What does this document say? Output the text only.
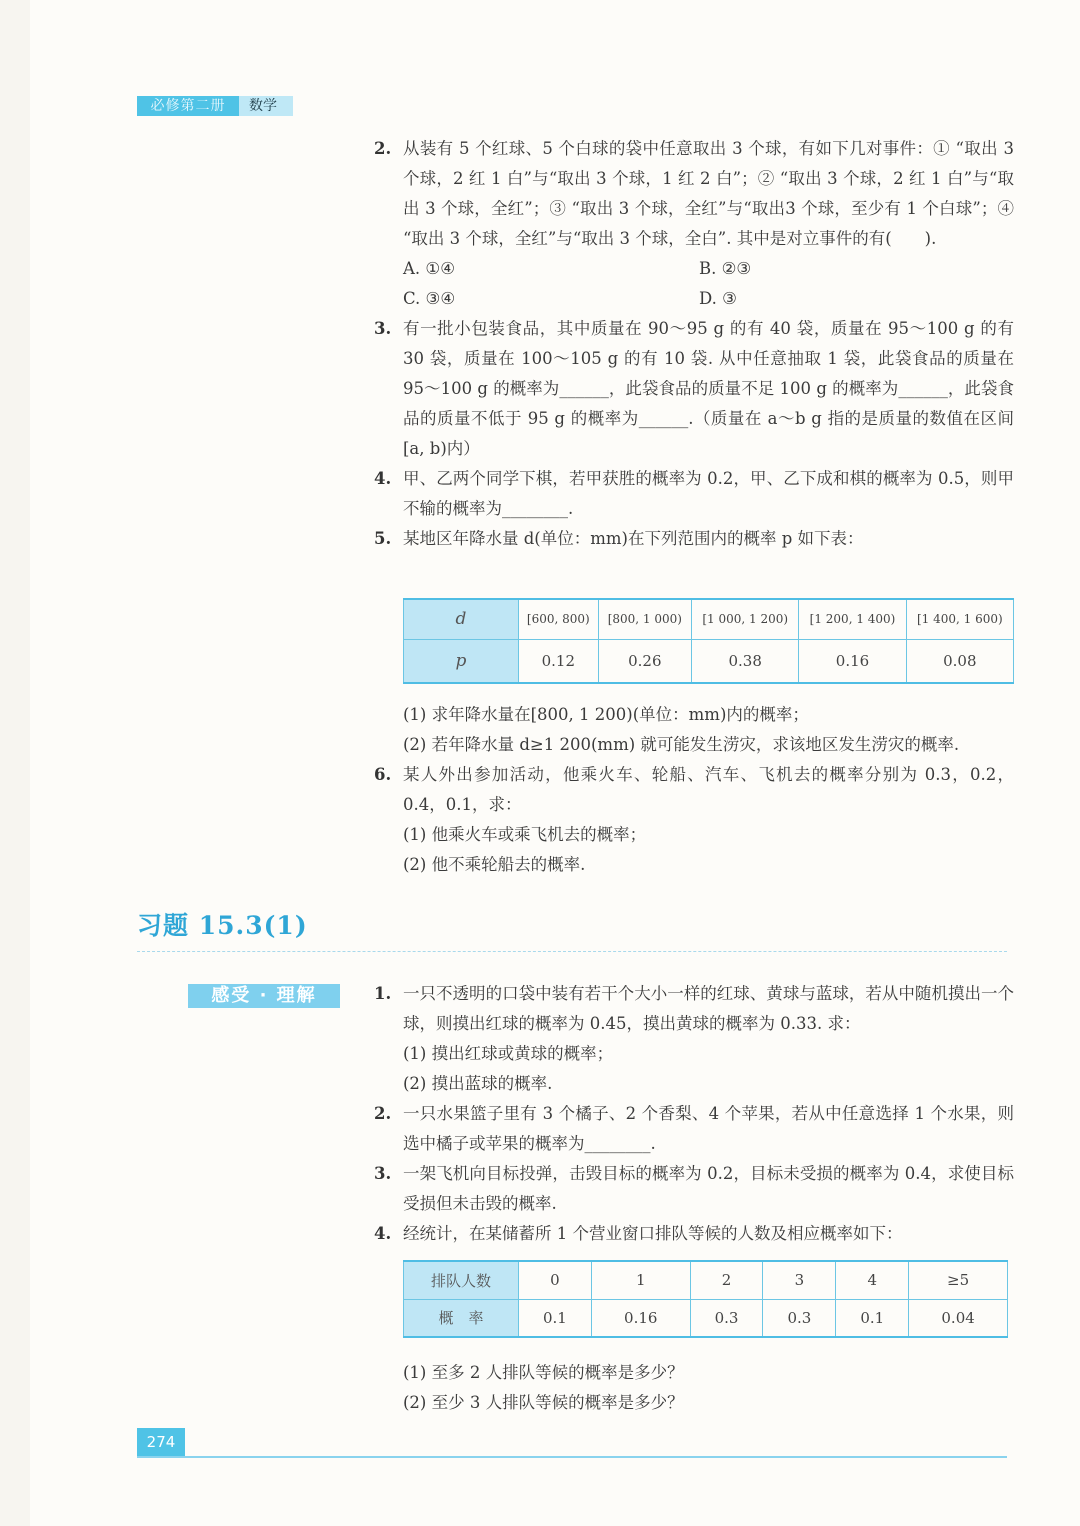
必修第二册	数学
2. 从装有 5 个红球、5 个白球的袋中任意取出 3 个球，有如下几对事件：① “取出 3 个球，2 红 1 白”与“取出 3 个球，1 红 2 白”；② “取出 3 个球，2 红 1 白”与“取出 3 个球，全红”；③ “取出 3 个球，全红”与“取出3 个球，至少有 1 个白球”；④ “取出 3 个球，全红”与“取出 3 个球，全白”. 其中是对立事件的有(　　).
A. ①④	B. ②③
C. ③④	D. ③
3. 有一批小包装食品，其中质量在 90～95 g 的有 40 袋，质量在 95～100 g 的有 30 袋，质量在 100～105 g 的有 10 袋. 从中任意抽取 1 袋，此袋食品的质量在 95～100 g 的概率为______，此袋食品的质量不足 100 g 的概率为______，此袋食品的质量不低于 95 g 的概率为______.（质量在 a～b g 指的是质量的数值在区间[a, b)内）
4. 甲、乙两个同学下棋，若甲获胜的概率为 0.2，甲、乙下成和棋的概率为 0.5，则甲不输的概率为________.
5. 某地区年降水量 d(单位：mm)在下列范围内的概率 p 如下表：
d	[600, 800)	[800, 1 000)	[1 000, 1 200)	[1 200, 1 400)	[1 400, 1 600)
p	0.12	0.26	0.38	0.16	0.08
(1) 求年降水量在[800, 1 200)(单位：mm)内的概率；
(2) 若年降水量 d≥1 200(mm) 就可能发生涝灾，求该地区发生涝灾的概率.
6. 某人外出参加活动，他乘火车、轮船、汽车、飞机去的概率分别为 0.3，0.2，0.4，0.1，求：
(1) 他乘火车或乘飞机去的概率；
(2) 他不乘轮船去的概率.
习题 15.3(1)
感受 · 理解	1. 一只不透明的口袋中装有若干个大小一样的红球、黄球与蓝球，若从中随机摸出一个球，则摸出红球的概率为 0.45，摸出黄球的概率为 0.33. 求：
(1) 摸出红球或黄球的概率；
(2) 摸出蓝球的概率.
2. 一只水果篮子里有 3 个橘子、2 个香梨、4 个苹果，若从中任意选择 1 个水果，则选中橘子或苹果的概率为________.
3. 一架飞机向目标投弹，击毁目标的概率为 0.2，目标未受损的概率为 0.4，求使目标受损但未击毁的概率.
4. 经统计，在某储蓄所 1 个营业窗口排队等候的人数及相应概率如下：
排队人数	0	1	2	3	4	≥5
概　率	0.1	0.16	0.3	0.3	0.1	0.04
(1) 至多 2 人排队等候的概率是多少？
(2) 至少 3 人排队等候的概率是多少？
274
